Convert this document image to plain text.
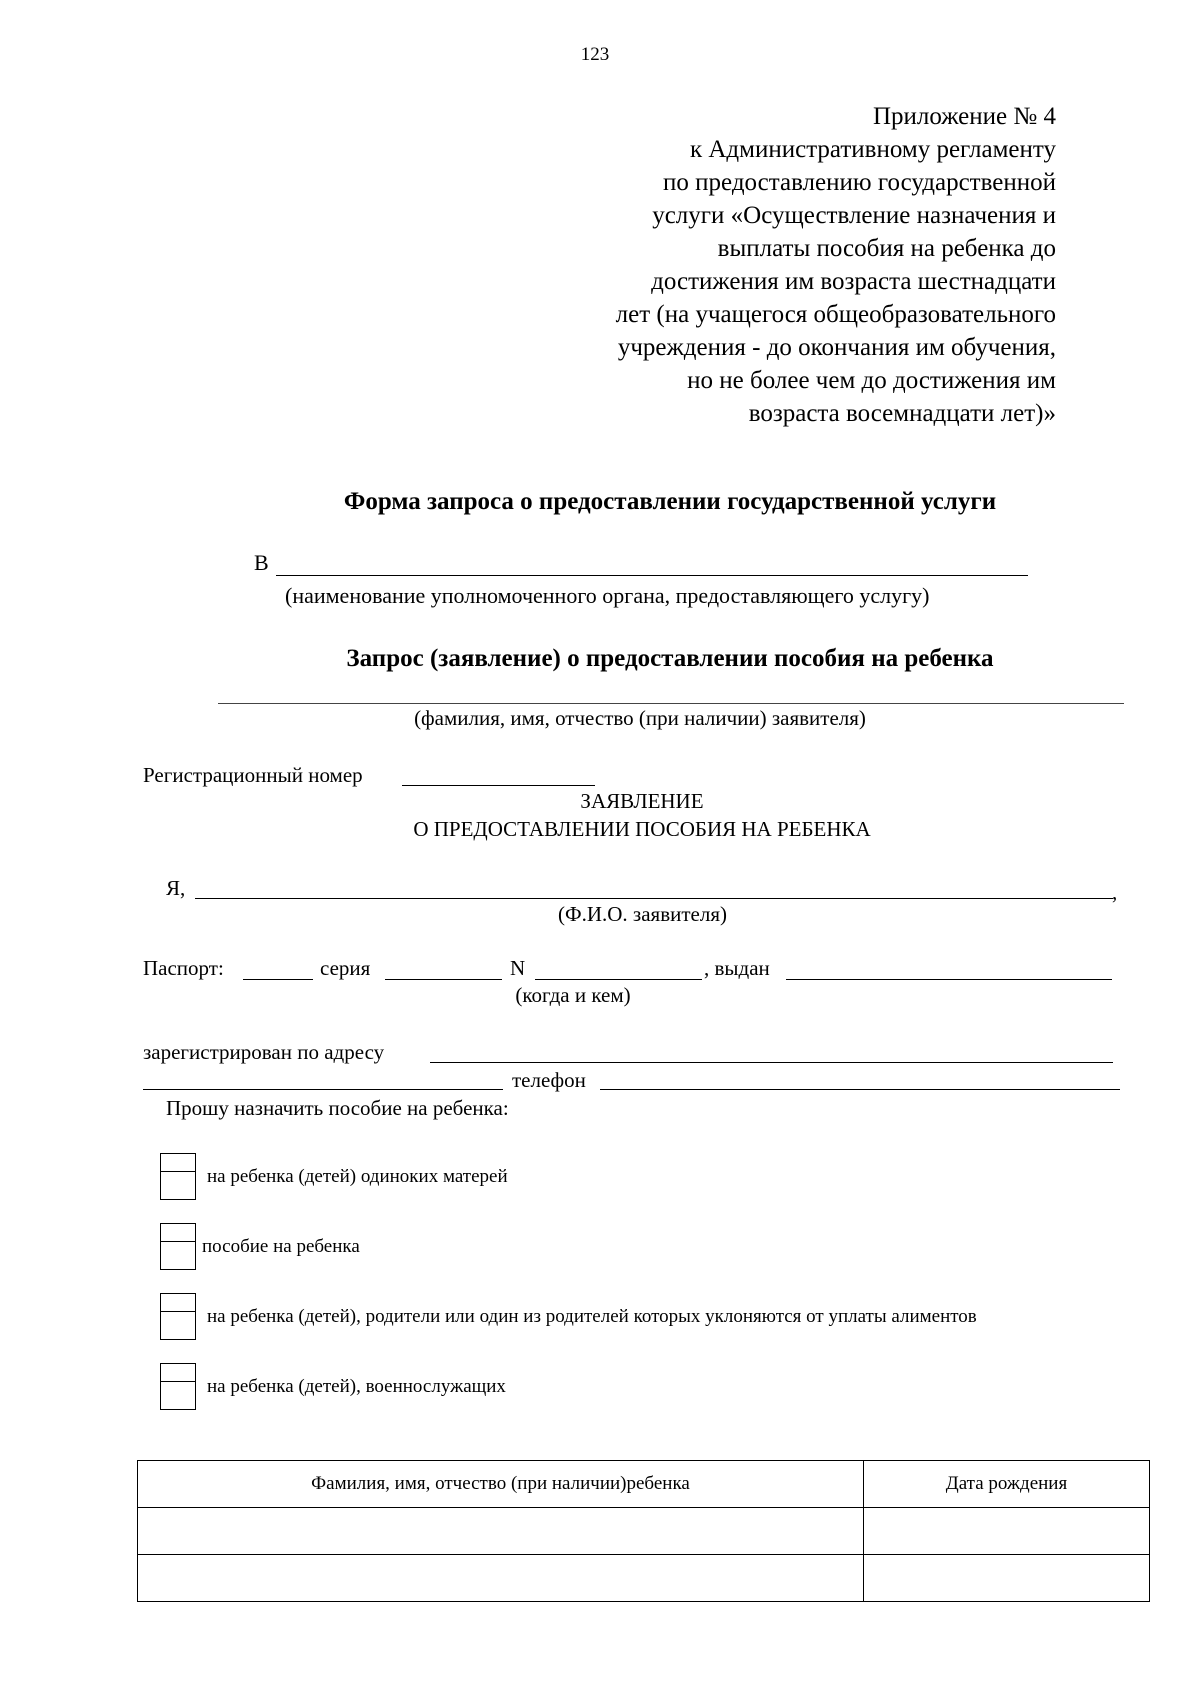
123
Приложение № 4
к Административному регламенту
по предоставлению государственной
услуги «Осуществление назначения и
выплаты пособия на ребенка до
достижения им возраста шестнадцати
лет (на учащегося общеобразовательного
учреждения - до окончания им обучения,
но не более чем до достижения им
возраста восемнадцати лет)»
Форма запроса о предоставлении государственной услуги
В
(наименование уполномоченного органа, предоставляющего услугу)
Запрос (заявление) о предоставлении пособия на ребенка
(фамилия, имя, отчество (при наличии) заявителя)
Регистрационный номер
ЗАЯВЛЕНИЕ
О ПРЕДОСТАВЛЕНИИ ПОСОБИЯ НА РЕБЕНКА
Я,	,
(Ф.И.О. заявителя)
Паспорт:	серия	N	, выдан
(когда и кем)
зарегистрирован по адресу
телефон
Прошу назначить пособие на ребенка:
на ребенка (детей) одиноких матерей
пособие на ребенка
на ребенка (детей), родители или один из родителей которых уклоняются от уплаты алиментов
на ребенка (детей), военнослужащих
Фамилия, имя, отчество (при наличии)ребенка	Дата рождения
